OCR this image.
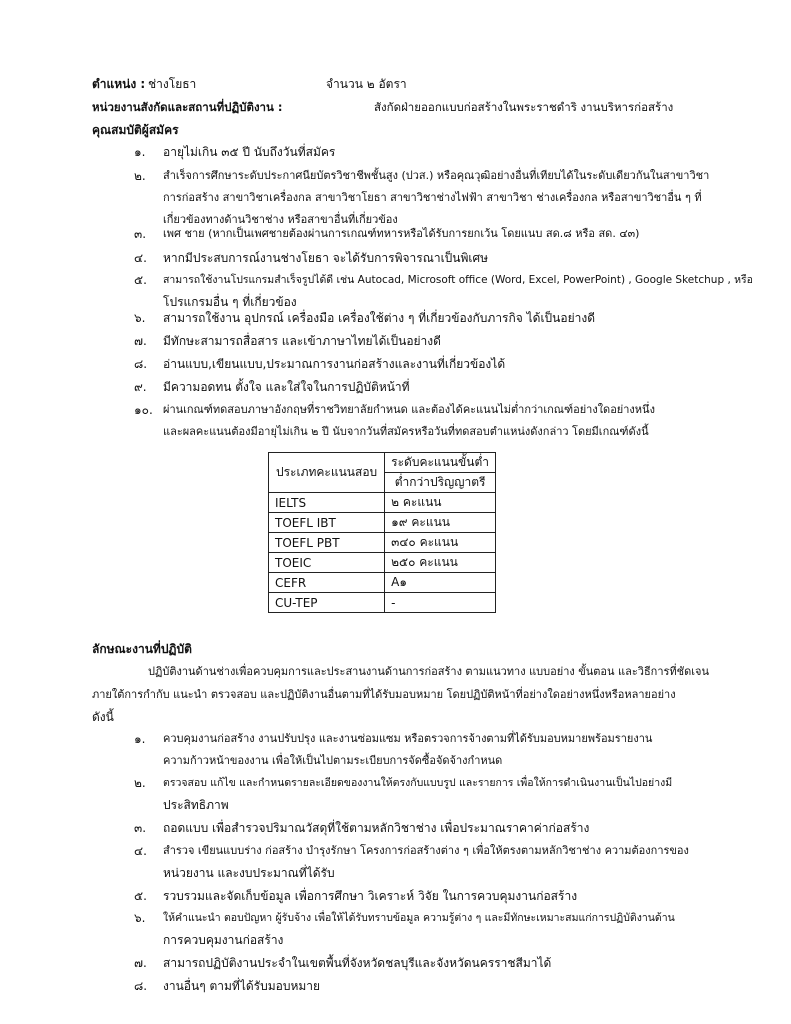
ตำแหน่ง : ช่างโยธา	จำนวน ๒ อัตรา
หน่วยงานสังกัดและสถานที่ปฏิบัติงาน :	สังกัดฝ่ายออกแบบก่อสร้างในพระราชดำริ งานบริหารก่อสร้าง
คุณสมบัติผู้สมัคร
๑. อายุไม่เกิน ๓๕ ปี นับถึงวันที่สมัคร
๒. สำเร็จการศึกษาระดับประกาศนียบัตรวิชาชีพชั้นสูง (ปวส.) หรือคุณวุฒิอย่างอื่นที่เทียบได้ในระดับเดียวกันในสาขาวิชา
การก่อสร้าง สาขาวิชาเครื่องกล สาขาวิชาโยธา สาขาวิชาช่างไฟฟ้า สาขาวิชา ช่างเครื่องกล หรือสาขาวิชาอื่น ๆ ที่
เกี่ยวข้องทางด้านวิชาช่าง หรือสาขาอื่นที่เกี่ยวข้อง
๓. เพศ ชาย (หากเป็นเพศชายต้องผ่านการเกณฑ์ทหารหรือได้รับการยกเว้น โดยแนบ สด.๘ หรือ สด. ๔๓)
๔. หากมีประสบการณ์งานช่างโยธา จะได้รับการพิจารณาเป็นพิเศษ
๕. สามารถใช้งานโปรแกรมสำเร็จรูปได้ดี เช่น Autocad, Microsoft office (Word, Excel, PowerPoint) , Google Sketchup , หรือ
โปรแกรมอื่น ๆ ที่เกี่ยวข้อง
๖. สามารถใช้งาน อุปกรณ์ เครื่องมือ เครื่องใช้ต่าง ๆ ที่เกี่ยวข้องกับภารกิจ ได้เป็นอย่างดี
๗. มีทักษะสามารถสื่อสาร และเข้าภาษาไทยได้เป็นอย่างดี
๘. อ่านแบบ,เขียนแบบ,ประมาณการงานก่อสร้างและงานที่เกี่ยวข้องได้
๙. มีความอดทน ตั้งใจ และใส่ใจในการปฏิบัติหน้าที่
๑๐. ผ่านเกณฑ์ทดสอบภาษาอังกฤษที่ราชวิทยาลัยกำหนด และต้องได้คะแนนไม่ต่ำกว่าเกณฑ์อย่างใดอย่างหนึ่ง
และผลคะแนนต้องมีอายุไม่เกิน ๒ ปี นับจากวันที่สมัครหรือวันที่ทดสอบตำแหน่งดังกล่าว โดยมีเกณฑ์ดังนี้
ประเภทคะแนนสอบ	ระดับคะแนนขั้นต่ำ
	ต่ำกว่าปริญญาตรี
IELTS	๒ คะแนน
TOEFL IBT	๑๙ คะแนน
TOEFL PBT	๓๔๐ คะแนน
TOEIC	๒๕๐ คะแนน
CEFR	A๑
CU-TEP	-
ลักษณะงานที่ปฏิบัติ
ปฏิบัติงานด้านช่างเพื่อควบคุมการและประสานงานด้านการก่อสร้าง ตามแนวทาง แบบอย่าง ขั้นตอน และวิธีการที่ชัดเจน
ภายใต้การกำกับ แนะนำ ตรวจสอบ และปฏิบัติงานอื่นตามที่ได้รับมอบหมาย โดยปฏิบัติหน้าที่อย่างใดอย่างหนึ่งหรือหลายอย่าง
ดังนี้
๑. ควบคุมงานก่อสร้าง งานปรับปรุง และงานซ่อมแซม หรือตรวจการจ้างตามที่ได้รับมอบหมายพร้อมรายงาน
ความก้าวหน้าของงาน เพื่อให้เป็นไปตามระเบียบการจัดซื้อจัดจ้างกำหนด
๒. ตรวจสอบ แก้ไข และกำหนดรายละเอียดของงานให้ตรงกับแบบรูป และรายการ เพื่อให้การดำเนินงานเป็นไปอย่างมี
ประสิทธิภาพ
๓. ถอดแบบ เพื่อสำรวจปริมาณวัสดุที่ใช้ตามหลักวิชาช่าง เพื่อประมาณราคาค่าก่อสร้าง
๔. สำรวจ เขียนแบบร่าง ก่อสร้าง บำรุงรักษา โครงการก่อสร้างต่าง ๆ เพื่อให้ตรงตามหลักวิชาช่าง ความต้องการของ
หน่วยงาน และงบประมาณที่ได้รับ
๕. รวบรวมและจัดเก็บข้อมูล เพื่อการศึกษา วิเคราะห์ วิจัย ในการควบคุมงานก่อสร้าง
๖. ให้คำแนะนำ ตอบปัญหา ผู้รับจ้าง เพื่อให้ได้รับทราบข้อมูล ความรู้ต่าง ๆ และมีทักษะเหมาะสมแก่การปฏิบัติงานด้าน
การควบคุมงานก่อสร้าง
๗. สามารถปฏิบัติงานประจำในเขตพื้นที่จังหวัดชลบุรีและจังหวัดนครราชสีมาได้
๘. งานอื่นๆ ตามที่ได้รับมอบหมาย
